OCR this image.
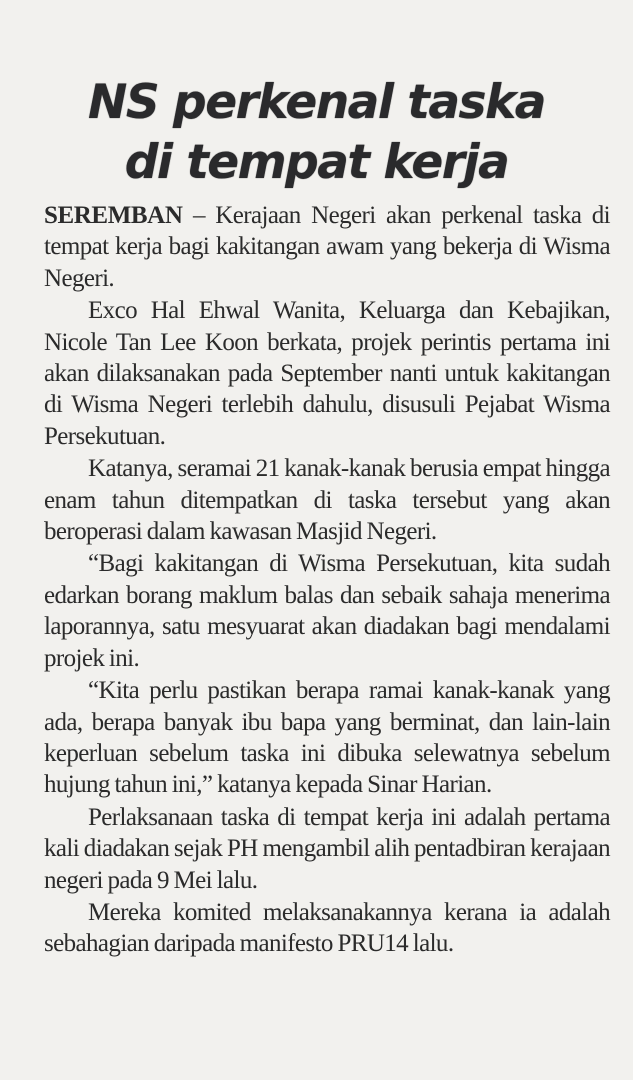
NS perkenal taska
di tempat kerja

SEREMBAN – Kerajaan Negeri akan perkenal taska di tempat kerja bagi kakitangan awam yang bekerja di Wisma Negeri.

Exco Hal Ehwal Wanita, Keluarga dan Kebajikan, Nicole Tan Lee Koon berkata, projek perintis pertama ini akan dilaksanakan pada September nanti untuk kakitangan di Wisma Negeri terlebih dahulu, disusuli Pejabat Wisma Persekutuan.

Katanya, seramai 21 kanak-kanak berusia empat hingga enam tahun ditempatkan di taska tersebut yang akan beroperasi dalam kawasan Masjid Negeri.

“Bagi kakitangan di Wisma Persekutuan, kita sudah edarkan borang maklum balas dan sebaik sahaja menerima laporannya, satu mesyuarat akan diadakan bagi mendalami projek ini.

“Kita perlu pastikan berapa ramai kanak-kanak yang ada, berapa banyak ibu bapa yang berminat, dan lain-lain keperluan sebelum taska ini dibuka selewatnya sebelum hujung tahun ini,” katanya kepada Sinar Harian.

Perlaksanaan taska di tempat kerja ini adalah pertama kali diadakan sejak PH mengambil alih pentadbiran kerajaan negeri pada 9 Mei lalu.

Mereka komited melaksanakannya kerana ia adalah sebahagian daripada manifesto PRU14 lalu.
